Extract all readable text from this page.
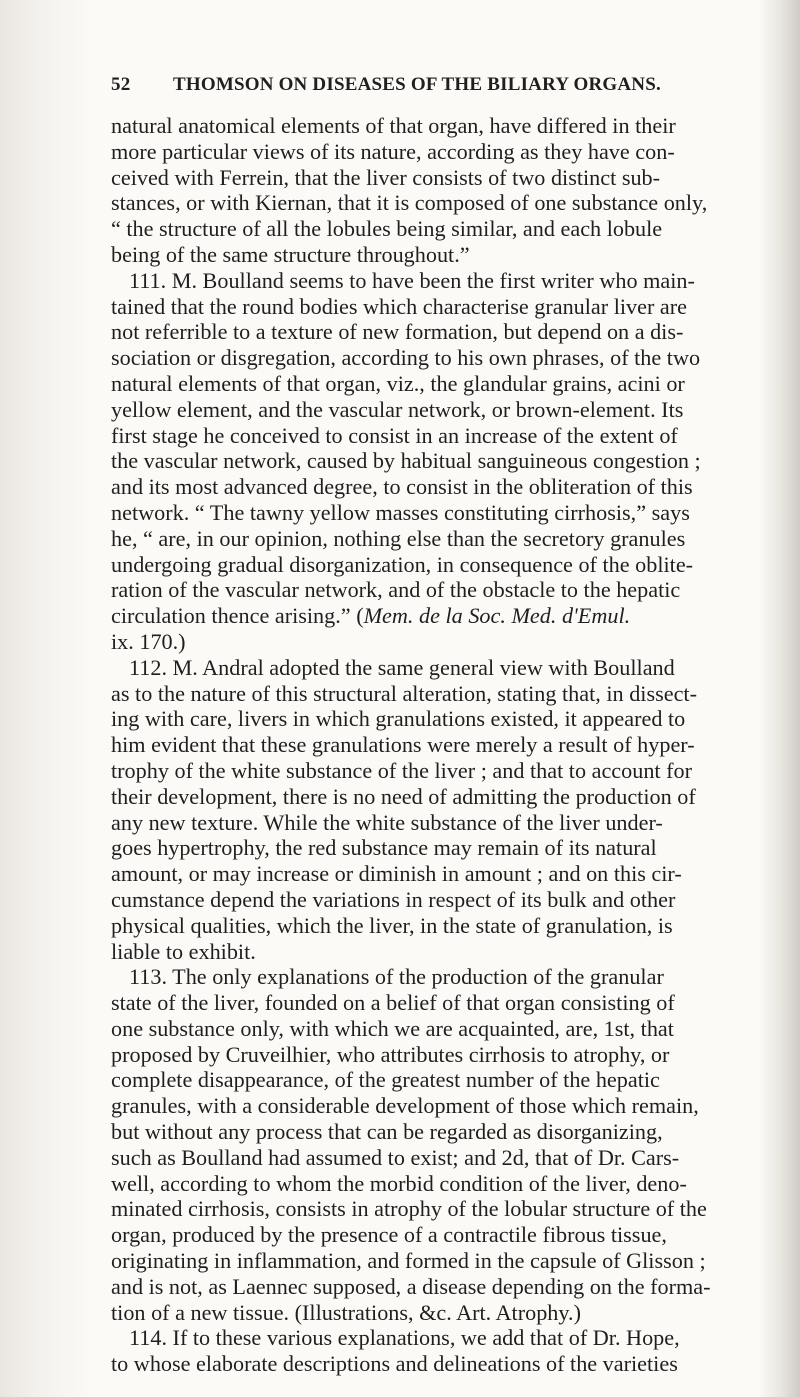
52 THOMSON ON DISEASES OF THE BILIARY ORGANS.
natural anatomical elements of that organ, have differed in their
more particular views of its nature, according as they have con-
ceived with Ferrein, that the liver consists of two distinct sub-
stances, or with Kiernan, that it is composed of one substance only,
“ the structure of all the lobules being similar, and each lobule
being of the same structure throughout.”
111. M. Boulland seems to have been the first writer who main-
tained that the round bodies which characterise granular liver are
not referrible to a texture of new formation, but depend on a dis-
sociation or disgregation, according to his own phrases, of the two
natural elements of that organ, viz., the glandular grains, acini or
yellow element, and the vascular network, or brown-element. Its
first stage he conceived to consist in an increase of the extent of
the vascular network, caused by habitual sanguineous congestion ;
and its most advanced degree, to consist in the obliteration of this
network. “ The tawny yellow masses constituting cirrhosis,” says
he, “ are, in our opinion, nothing else than the secretory granules
undergoing gradual disorganization, in consequence of the oblite-
ration of the vascular network, and of the obstacle to the hepatic
circulation thence arising.” (Mem. de la Soc. Med. d'Emul.
ix. 170.)
112. M. Andral adopted the same general view with Boulland
as to the nature of this structural alteration, stating that, in dissect-
ing with care, livers in which granulations existed, it appeared to
him evident that these granulations were merely a result of hyper-
trophy of the white substance of the liver ; and that to account for
their development, there is no need of admitting the production of
any new texture. While the white substance of the liver under-
goes hypertrophy, the red substance may remain of its natural
amount, or may increase or diminish in amount ; and on this cir-
cumstance depend the variations in respect of its bulk and other
physical qualities, which the liver, in the state of granulation, is
liable to exhibit.
113. The only explanations of the production of the granular
state of the liver, founded on a belief of that organ consisting of
one substance only, with which we are acquainted, are, 1st, that
proposed by Cruveilhier, who attributes cirrhosis to atrophy, or
complete disappearance, of the greatest number of the hepatic
granules, with a considerable development of those which remain,
but without any process that can be regarded as disorganizing,
such as Boulland had assumed to exist; and 2d, that of Dr. Cars-
well, according to whom the morbid condition of the liver, deno-
minated cirrhosis, consists in atrophy of the lobular structure of the
organ, produced by the presence of a contractile fibrous tissue,
originating in inflammation, and formed in the capsule of Glisson ;
and is not, as Laennec supposed, a disease depending on the forma-
tion of a new tissue. (Illustrations, &c. Art. Atrophy.)
114. If to these various explanations, we add that of Dr. Hope,
to whose elaborate descriptions and delineations of the varieties
